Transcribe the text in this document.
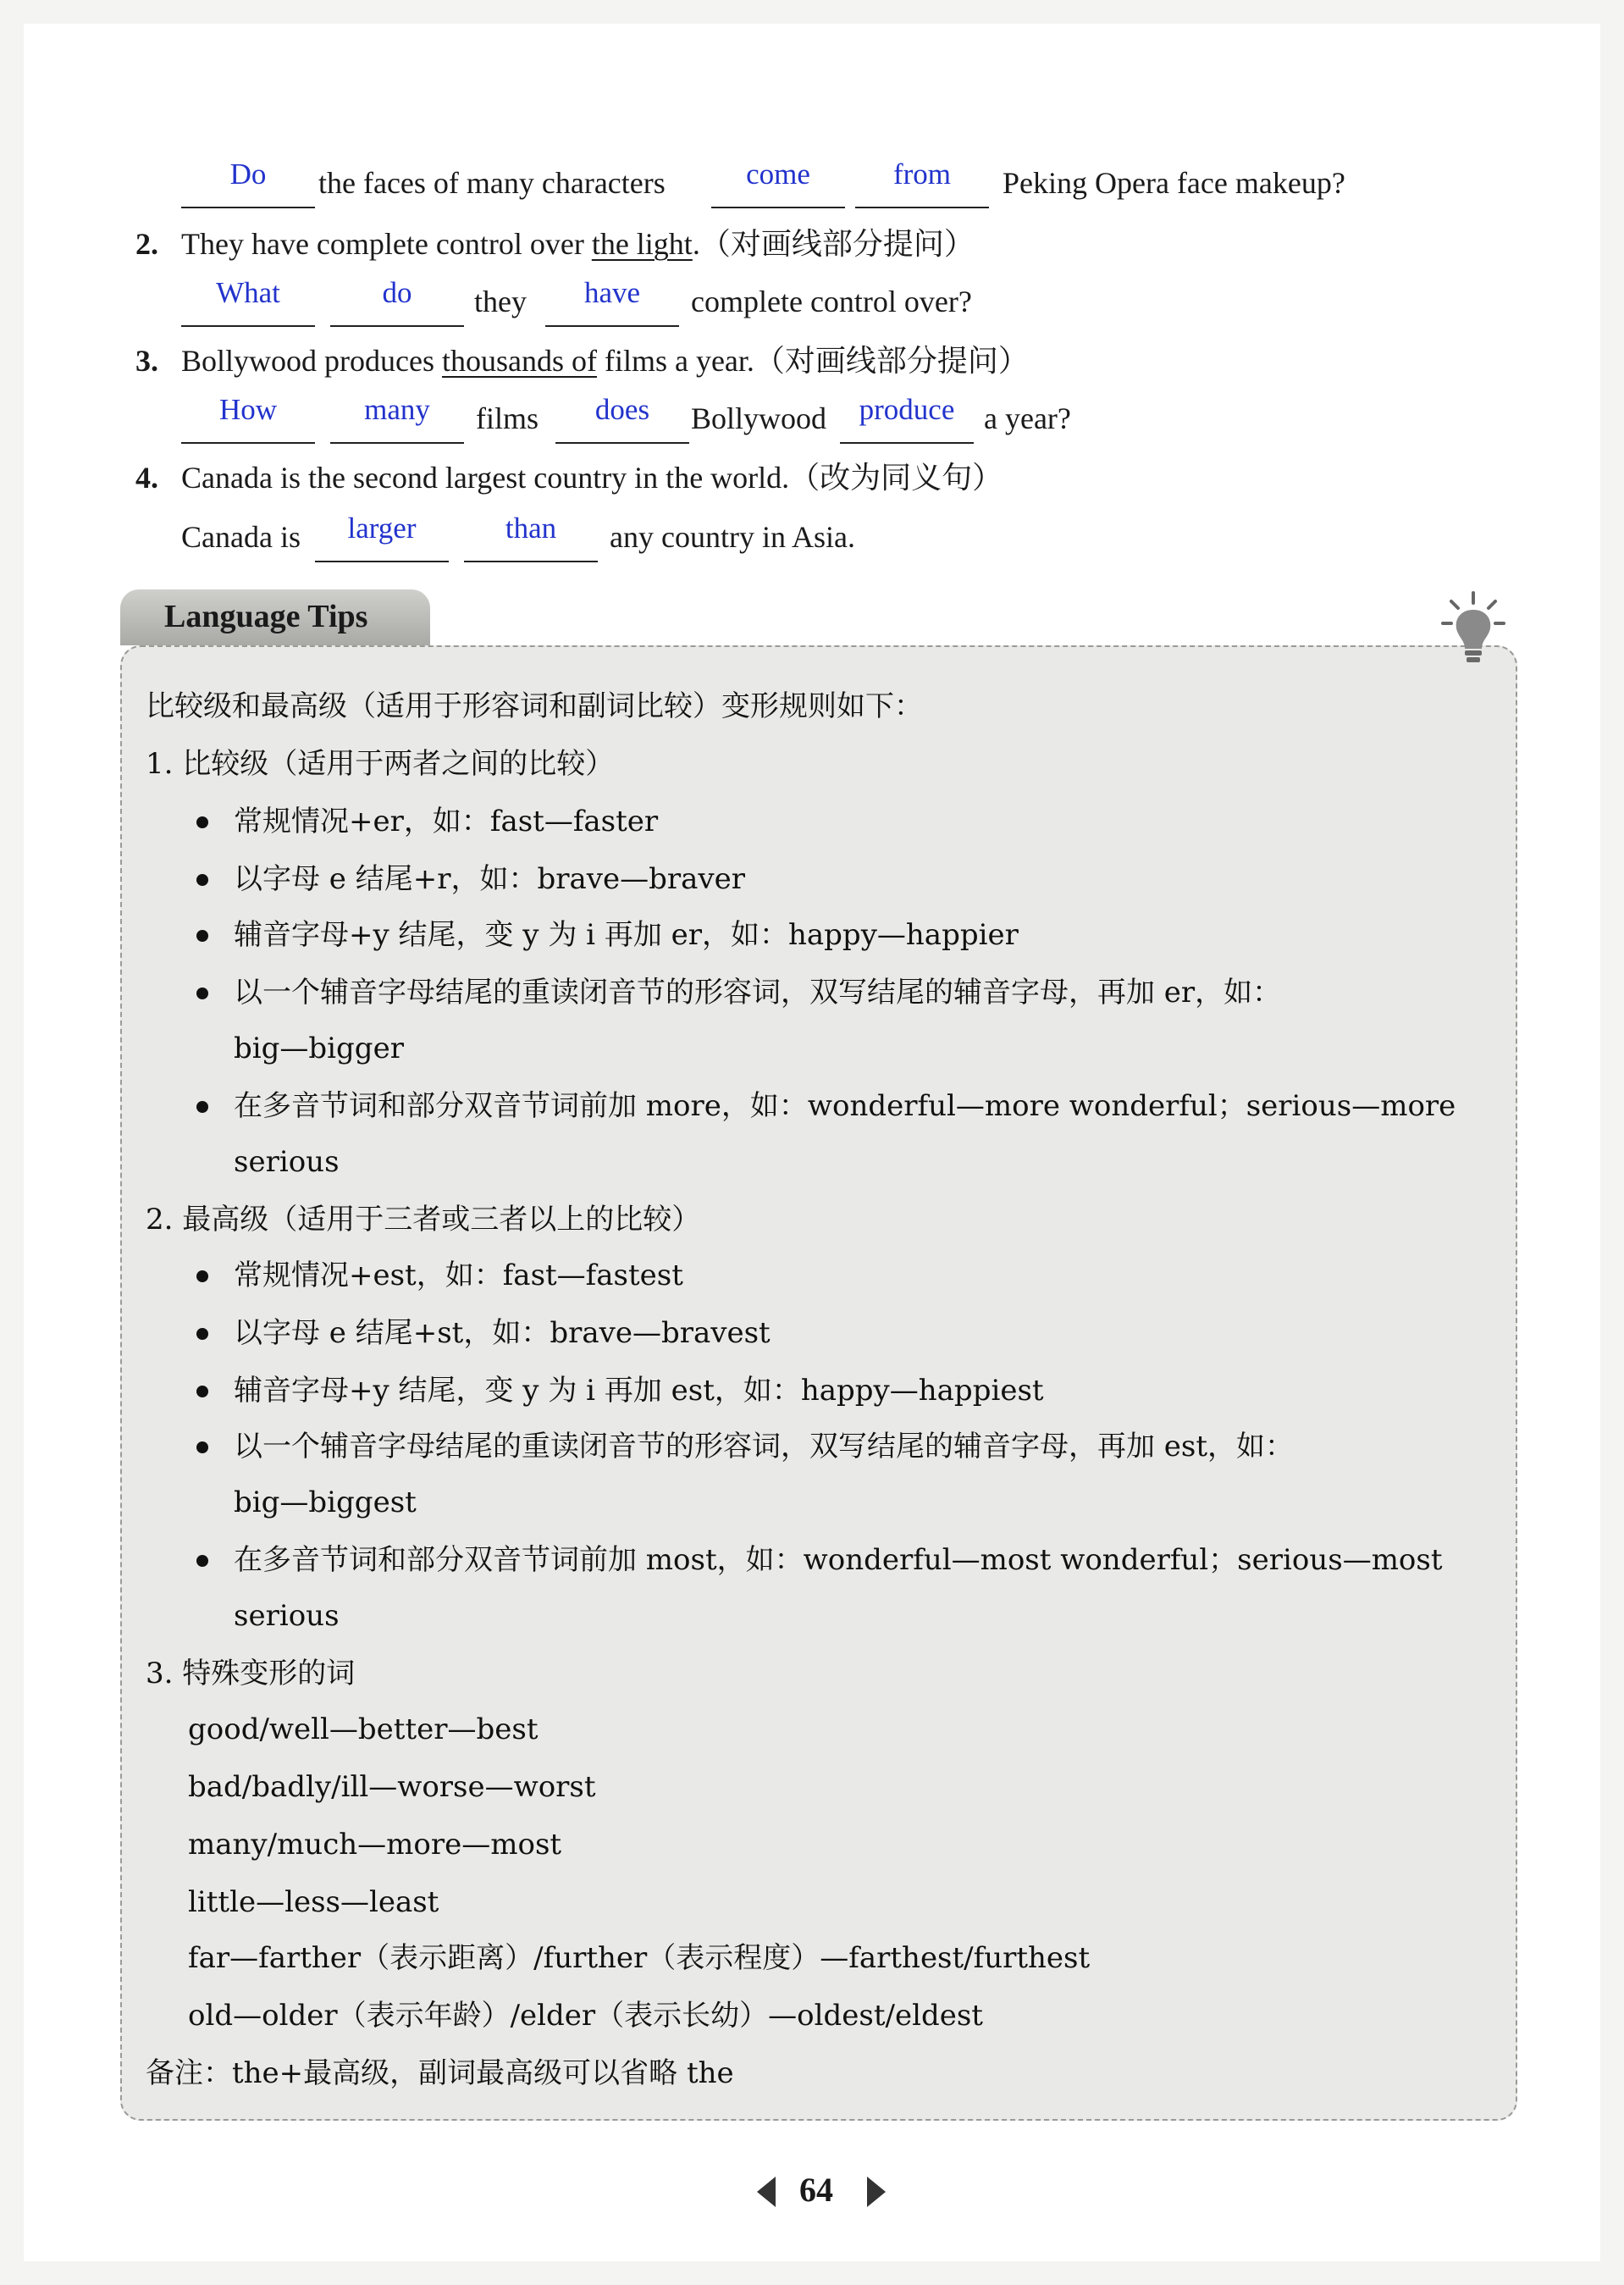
Do	the faces of many characters	come	from	Peking Opera face makeup?
2. They have complete control over the light.（对画线部分提问）
What	do	they	have	complete control over?
3. Bollywood produces thousands of films a year.（对画线部分提问）
How	many	films	does	Bollywood	produce a year?
4. Canada is the second largest country in the world.（改为同义句）
Canada is	larger	than	any country in Asia.
Language Tips
比较级和最高级（适用于形容词和副词比较）变形规则如下：
1. 比较级（适用于两者之间的比较）
常规情况+er，如：fast—faster
以字母 e 结尾+r，如：brave—braver
辅音字母+y 结尾，变 y 为 i 再加 er，如：happy—happier
以一个辅音字母结尾的重读闭音节的形容词，双写结尾的辅音字母，再加 er，如：
big—bigger
在多音节词和部分双音节词前加 more，如：wonderful—more wonderful；serious—more
serious
2. 最高级（适用于三者或三者以上的比较）
常规情况+est，如：fast—fastest
以字母 e 结尾+st，如：brave—bravest
辅音字母+y 结尾，变 y 为 i 再加 est，如：happy—happiest
以一个辅音字母结尾的重读闭音节的形容词，双写结尾的辅音字母，再加 est，如：
big—biggest
在多音节词和部分双音节词前加 most，如：wonderful—most wonderful；serious—most
serious
3. 特殊变形的词
good/well—better—best
bad/badly/ill—worse—worst
many/much—more—most
little—less—least
far—farther（表示距离）/further（表示程度）—farthest/furthest
old—older（表示年龄）/elder（表示长幼）—oldest/eldest
备注：the+最高级，副词最高级可以省略 the
64
